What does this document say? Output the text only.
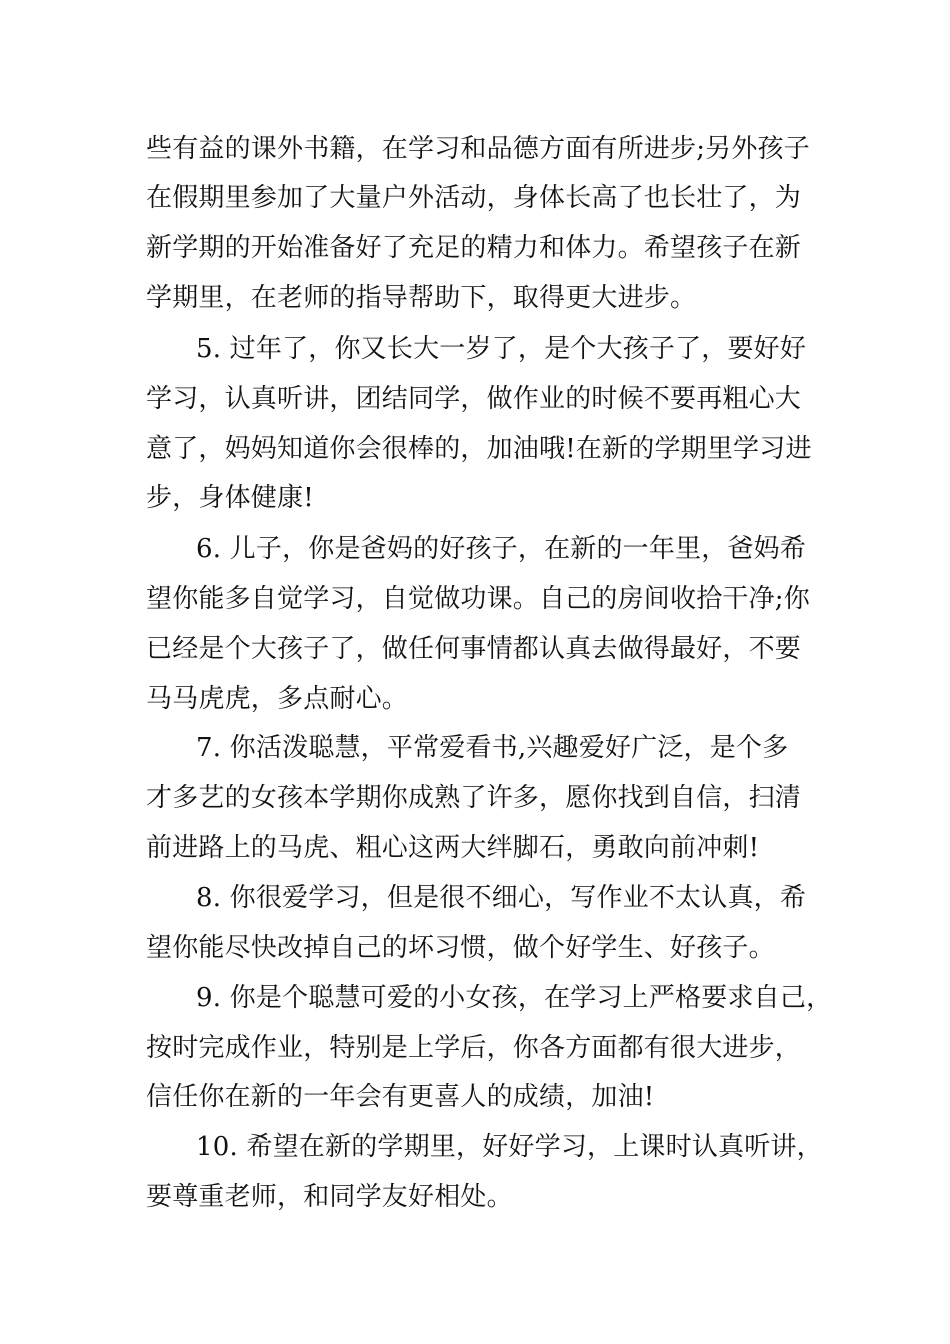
些有益的课外书籍，在学习和品德方面有所进步;另外孩子
在假期里参加了大量户外活动，身体长高了也长壮了，为
新学期的开始准备好了充足的精力和体力。希望孩子在新
学期里，在老师的指导帮助下，取得更大进步。
5. 过年了，你又长大一岁了，是个大孩子了，要好好
学习，认真听讲，团结同学，做作业的时候不要再粗心大
意了，妈妈知道你会很棒的，加油哦!在新的学期里学习进
步，身体健康!
6. 儿子，你是爸妈的好孩子，在新的一年里，爸妈希
望你能多自觉学习，自觉做功课。自己的房间收拾干净;你
已经是个大孩子了，做任何事情都认真去做得最好，不要
马马虎虎，多点耐心。
7. 你活泼聪慧，平常爱看书,兴趣爱好广泛，是个多
才多艺的女孩本学期你成熟了许多，愿你找到自信，扫清
前进路上的马虎、粗心这两大绊脚石，勇敢向前冲刺!
8. 你很爱学习，但是很不细心，写作业不太认真，希
望你能尽快改掉自己的坏习惯，做个好学生、好孩子。
9. 你是个聪慧可爱的小女孩，在学习上严格要求自己，
按时完成作业，特别是上学后，你各方面都有很大进步，
信任你在新的一年会有更喜人的成绩，加油!
10. 希望在新的学期里，好好学习，上课时认真听讲，
要尊重老师，和同学友好相处。
